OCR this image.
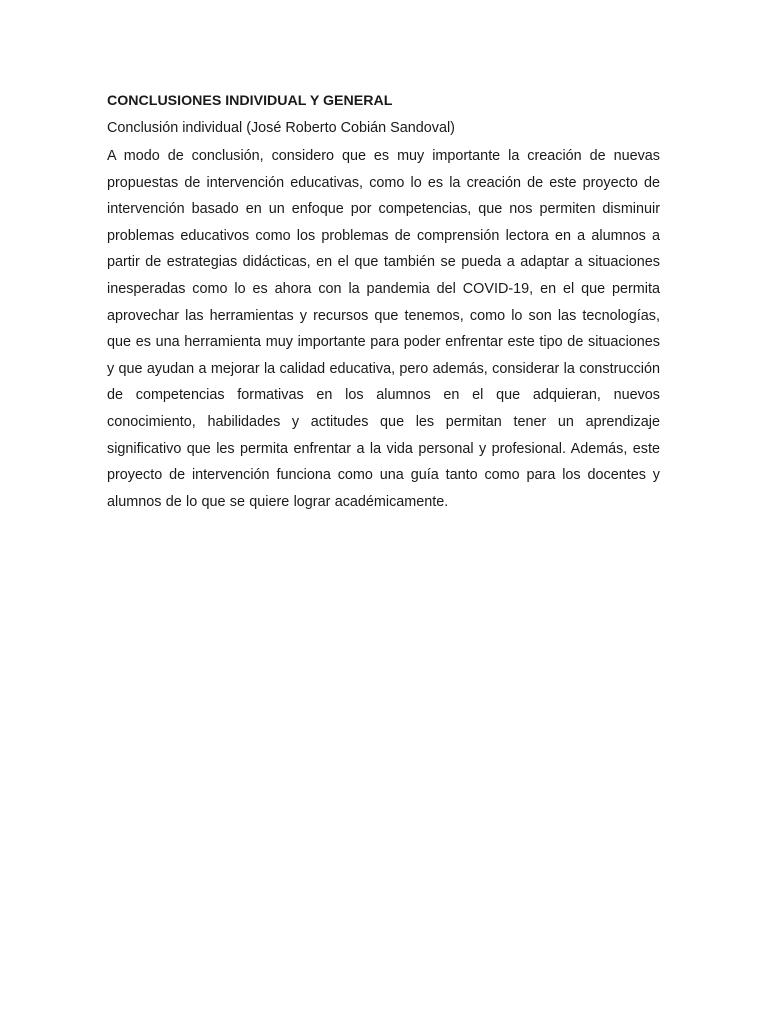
CONCLUSIONES INDIVIDUAL Y GENERAL
Conclusión individual (José Roberto Cobián Sandoval)

A modo de conclusión, considero que es muy importante la creación de nuevas propuestas de intervención educativas, como lo es la creación de este proyecto de intervención basado en un enfoque por competencias, que nos permiten disminuir problemas educativos como los problemas de comprensión lectora en a alumnos a partir de estrategias didácticas, en el que también se pueda a adaptar a situaciones inesperadas como lo es ahora con la pandemia del COVID-19, en el que permita aprovechar las herramientas y recursos que tenemos, como lo son las tecnologías, que es una herramienta muy importante para poder enfrentar este tipo de situaciones y que ayudan a mejorar la calidad educativa, pero además, considerar la construcción de competencias formativas en los alumnos en el que adquieran, nuevos conocimiento, habilidades y actitudes que les permitan tener un aprendizaje significativo que les permita enfrentar a la vida personal y profesional. Además, este proyecto de intervención funciona como una guía tanto como para los docentes y alumnos de lo que se quiere lograr académicamente.
